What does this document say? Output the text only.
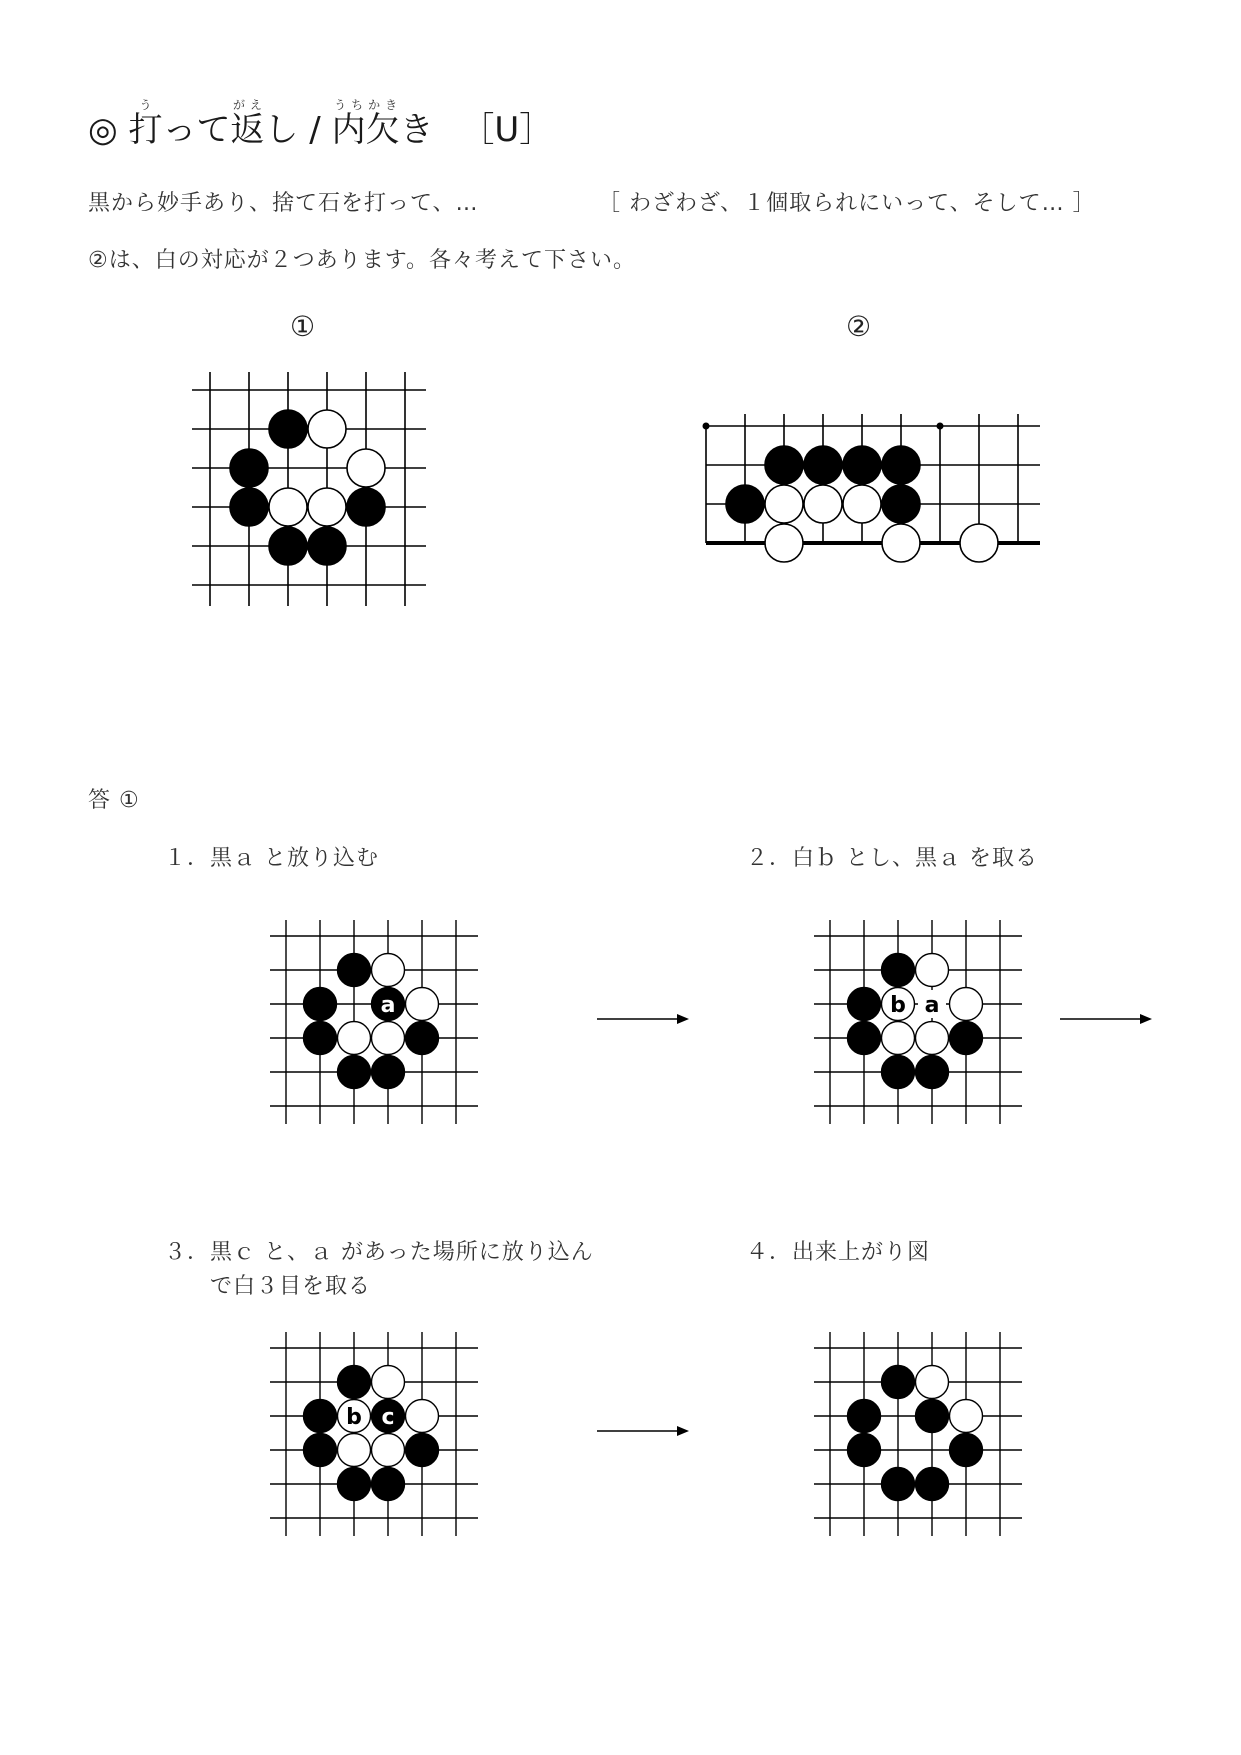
◎ 打うって返がえし / 内欠うちかきき ［U］
黒から妙手あり、捨て石を打って、…	［ わざわざ、１個取られにいって、そして… ］
②は、白の対応が２つあります。各々考えて下さい。
①	②
答 ①
１．黒ａ と放り込む	２．白ｂ とし、黒ａ を取る
３．黒ｃ と、ａ があった場所に放り込ん
で白３目を取る
４．出来上がり図
a	b a
b c
